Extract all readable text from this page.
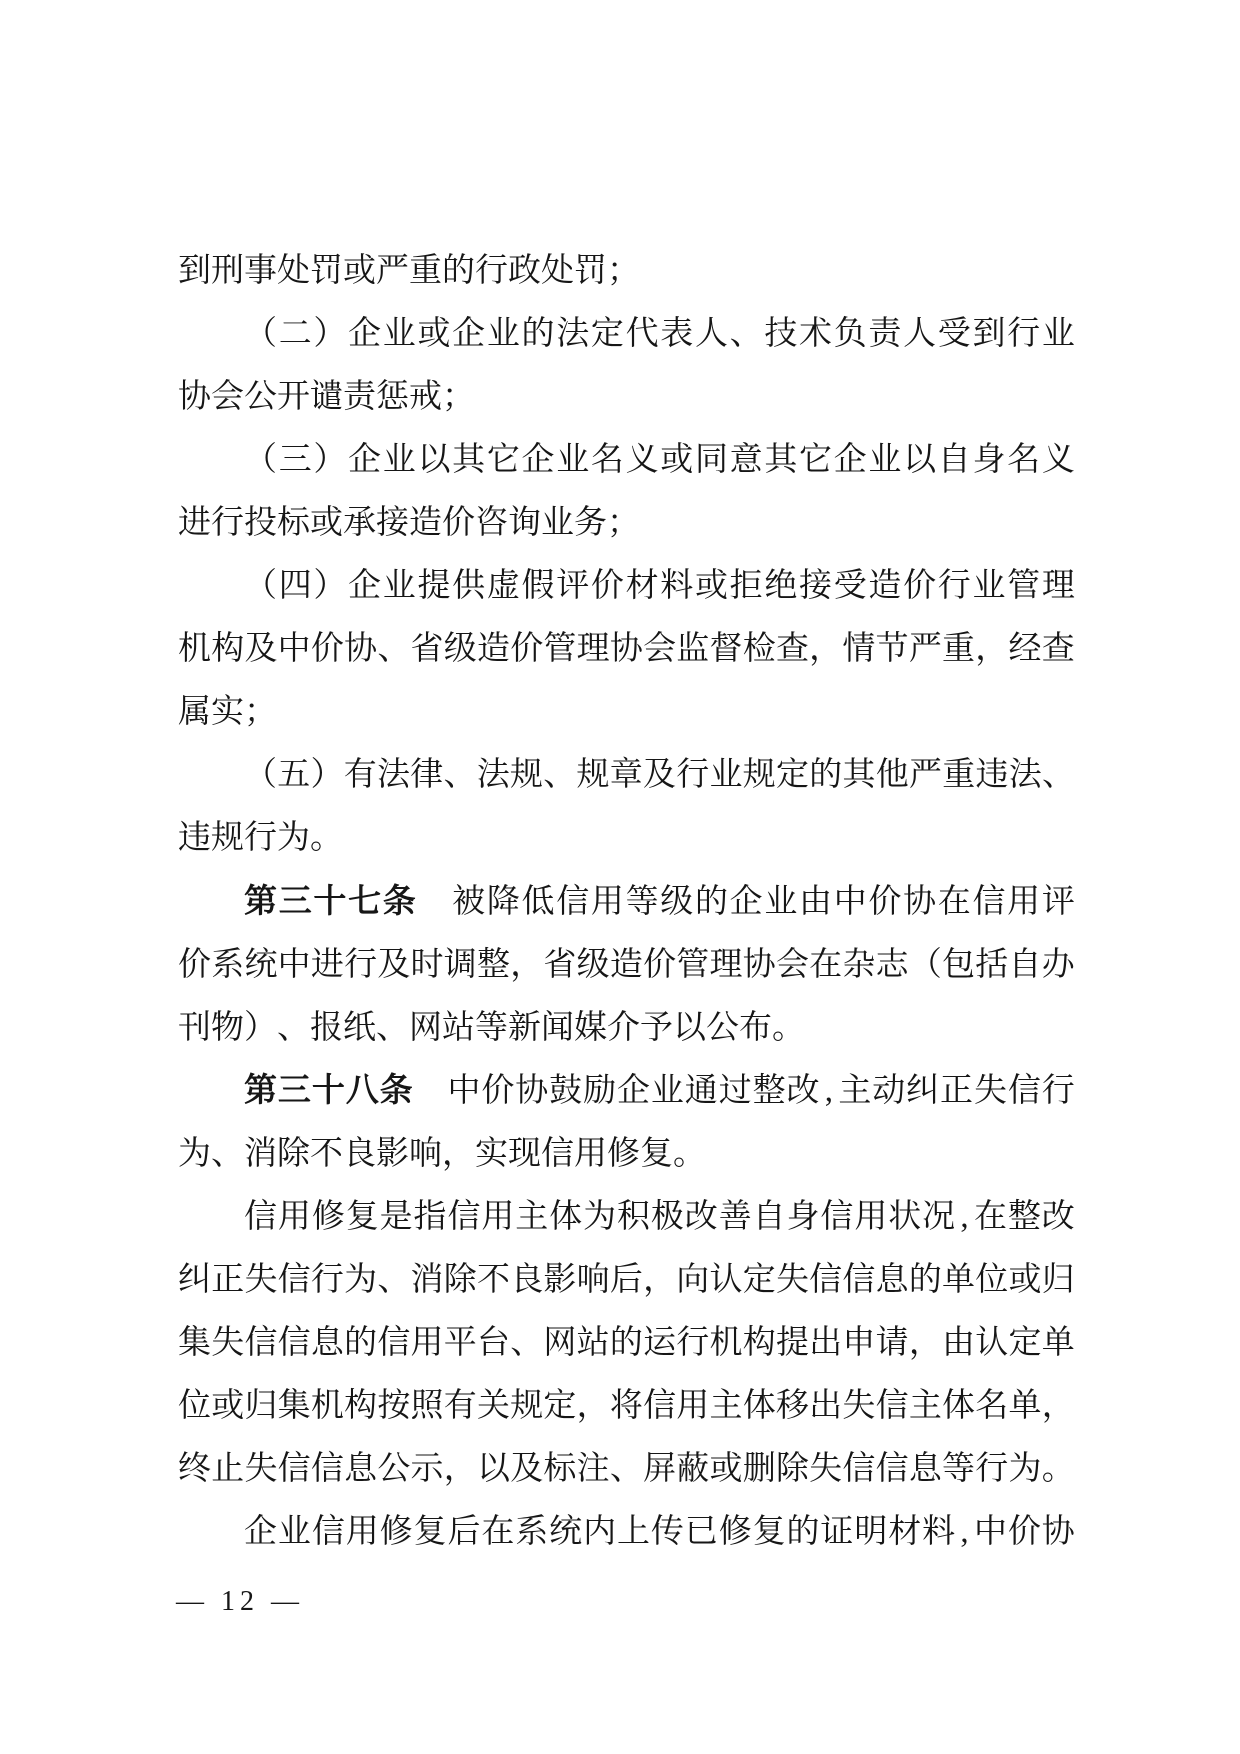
到 刑 事 处 罚 或 严 重 的 行 政 处 罚 ；
（ 二 ） 企 业 或 企 业 的 法 定 代 表 人 、 技 术 负 责 人 受 到 行 业
协 会 公 开 谴 责 惩 戒 ；
（ 三 ） 企 业 以 其 它 企 业 名 义 或 同 意 其 它 企 业 以 自 身 名 义
进 行 投 标 或 承 接 造 价 咨 询 业 务 ；
（ 四 ） 企 业 提 供 虚 假 评 价 材 料 或 拒 绝 接 受 造 价 行 业 管 理
机 构 及 中 价 协 、 省 级 造 价 管 理 协 会 监 督 检 查 ， 情 节 严 重 ， 经 查
属 实 ；
（ 五 ） 有 法 律 、 法 规 、 规 章 及 行 业 规 定 的 其 他 严 重 违 法 、
违 规 行 为 。
第 三 十 七 条
　 被 降 低 信 用 等 级 的 企 业 由 中 价 协 在 信 用 评
价 系 统 中 进 行 及 时 调 整 ， 省 级 造 价 管 理 协 会 在 杂 志 （ 包 括 自 办
刊 物 ） 、 报 纸 、 网 站 等 新 闻 媒 介 予 以 公 布 。
第 三 十 八 条
　 中 价 协 鼓 励 企 业 通 过 整 改 , 主 动 纠 正 失 信 行
为 、 消 除 不 良 影 响 ， 实 现 信 用 修 复 。
信 用 修 复 是 指 信 用 主 体 为 积 极 改 善 自 身 信 用 状 况 , 在 整 改
纠 正 失 信 行 为 、 消 除 不 良 影 响 后 ， 向 认 定 失 信 信 息 的 单 位 或 归
集 失 信 信 息 的 信 用 平 台 、 网 站 的 运 行 机 构 提 出 申 请 ， 由 认 定 单
位 或 归 集 机 构 按 照 有 关 规 定 ， 将 信 用 主 体 移 出 失 信 主 体 名 单 ，
终 止 失 信 信 息 公 示 ， 以 及 标 注 、 屏 蔽 或 删 除 失 信 信 息 等 行 为 。
企 业 信 用 修 复 后 在 系 统 内 上 传 已 修 复 的 证 明 材 料 , 中 价 协
— 12 —
